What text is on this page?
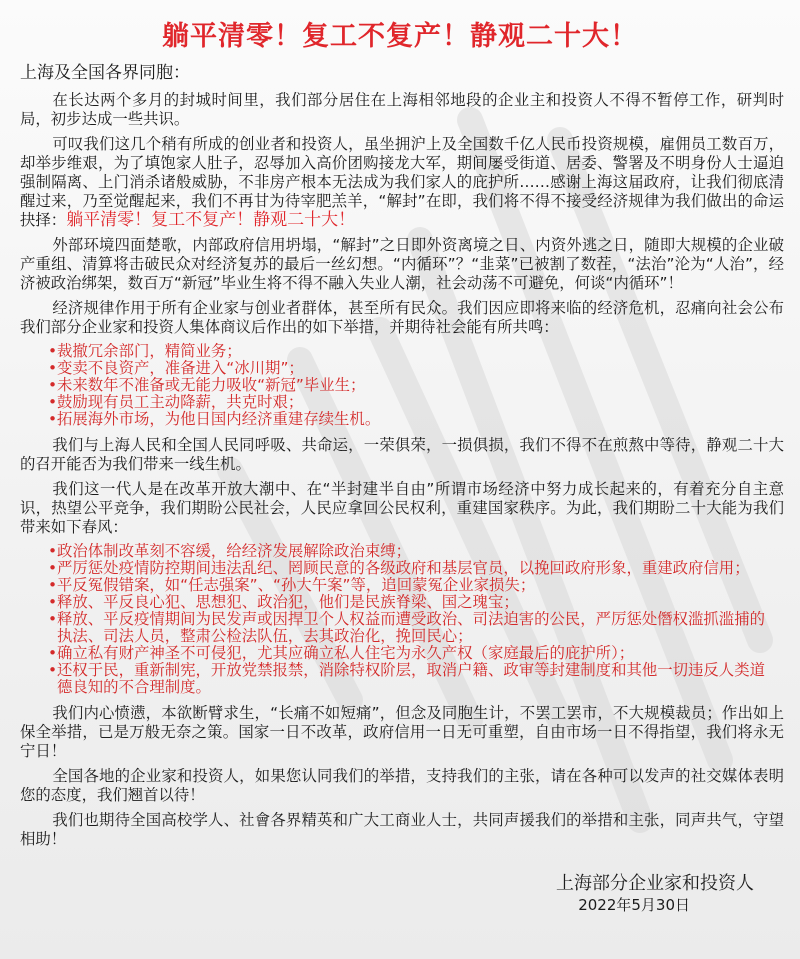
躺平清零！复工不复产！静观二十大！
上海及全国各界同胞：

在长达两个多月的封城时间里，我们部分居住在上海相邻地段的企业主和投资人不得不暂停工作，研判时局，初步达成一些共识。

可叹我们这几个稍有所成的创业者和投资人，虽坐拥沪上及全国数千亿人民币投资规模，雇佣员工数百万，却举步维艰，为了填饱家人肚子，忍辱加入高价团购接龙大军，期间屡受街道、居委、警署及不明身份人士逼迫强制隔离、上门消杀诸般威胁，不非房产根本无法成为我们家人的庇护所……感谢上海这届政府，让我们彻底清醒过来，乃至觉醒起来，我们不再甘为待宰肥羔羊，“解封”在即，我们将不得不接受经济规律为我们做出的命运抉择：躺平清零！复工不复产！静观二十大！

外部环境四面楚歌，内部政府信用坍塌，“解封”之日即外资离境之日、内资外逃之日，随即大规模的企业破产重组、清算将击破民众对经济复苏的最后一丝幻想。“内循环”？“韭菜”已被割了数茬，“法治”沦为“人治”，经济被政治绑架，数百万“新冠”毕业生将不得不融入失业人潮，社会动荡不可避免，何谈“内循环”！

经济规律作用于所有企业家与创业者群体，甚至所有民众。我们因应即将来临的经济危机，忍痛向社会公布我们部分企业家和投资人集体商议后作出的如下举措，并期待社会能有所共鸣：

• 裁撤冗余部门，精简业务；
• 变卖不良资产，准备进入“冰川期”；
• 未来数年不准备或无能力吸收“新冠”毕业生；
• 鼓励现有员工主动降薪，共克时艰；
• 拓展海外市场，为他日国内经济重建存续生机。

我们与上海人民和全国人民同呼吸、共命运，一荣俱荣，一损俱损，我们不得不在煎熬中等待，静观二十大的召开能否为我们带来一线生机。

我们这一代人是在改革开放大潮中、在“半封建半自由”所谓市场经济中努力成长起来的，有着充分自主意识，热望公平竞争，我们期盼公民社会，人民应拿回公民权利，重建国家秩序。为此，我们期盼二十大能为我们带来如下春风：

• 政治体制改革刻不容缓，给经济发展解除政治束缚；
• 严厉惩处疫情防控期间违法乱纪、罔顾民意的各级政府和基层官员，以挽回政府形象，重建政府信用；
• 平反冤假错案，如“任志强案”、“孙大午案”等，追回蒙冤企业家损失；
• 释放、平反良心犯、思想犯、政治犯，他们是民族脊梁、国之瑰宝；
• 释放、平反疫情期间为民发声或因捍卫个人权益而遭受政治、司法迫害的公民，严厉惩处僭权滥抓滥捕的执法、司法人员，整肃公检法队伍，去其政治化，挽回民心；
• 确立私有财产神圣不可侵犯，尤其应确立私人住宅为永久产权（家庭最后的庇护所）；
• 还权于民，重新制宪，开放党禁报禁，消除特权阶层，取消户籍、政审等封建制度和其他一切违反人类道德良知的不合理制度。

我们内心愤懑，本欲断臂求生，“长痛不如短痛”，但念及同胞生计，不罢工罢市，不大规模裁员；作出如上保全举措，已是万般无奈之策。国家一日不改革，政府信用一日无可重塑，自由市场一日不得指望，我们将永无宁日！

全国各地的企业家和投资人，如果您认同我们的举措，支持我们的主张，请在各种可以发声的社交媒体表明您的态度，我们翘首以待！

我们也期待全国高校学人、社會各界精英和广大工商业人士，共同声援我们的举措和主张，同声共气，守望相助！

上海部分企业家和投资人
2022年5月30日
